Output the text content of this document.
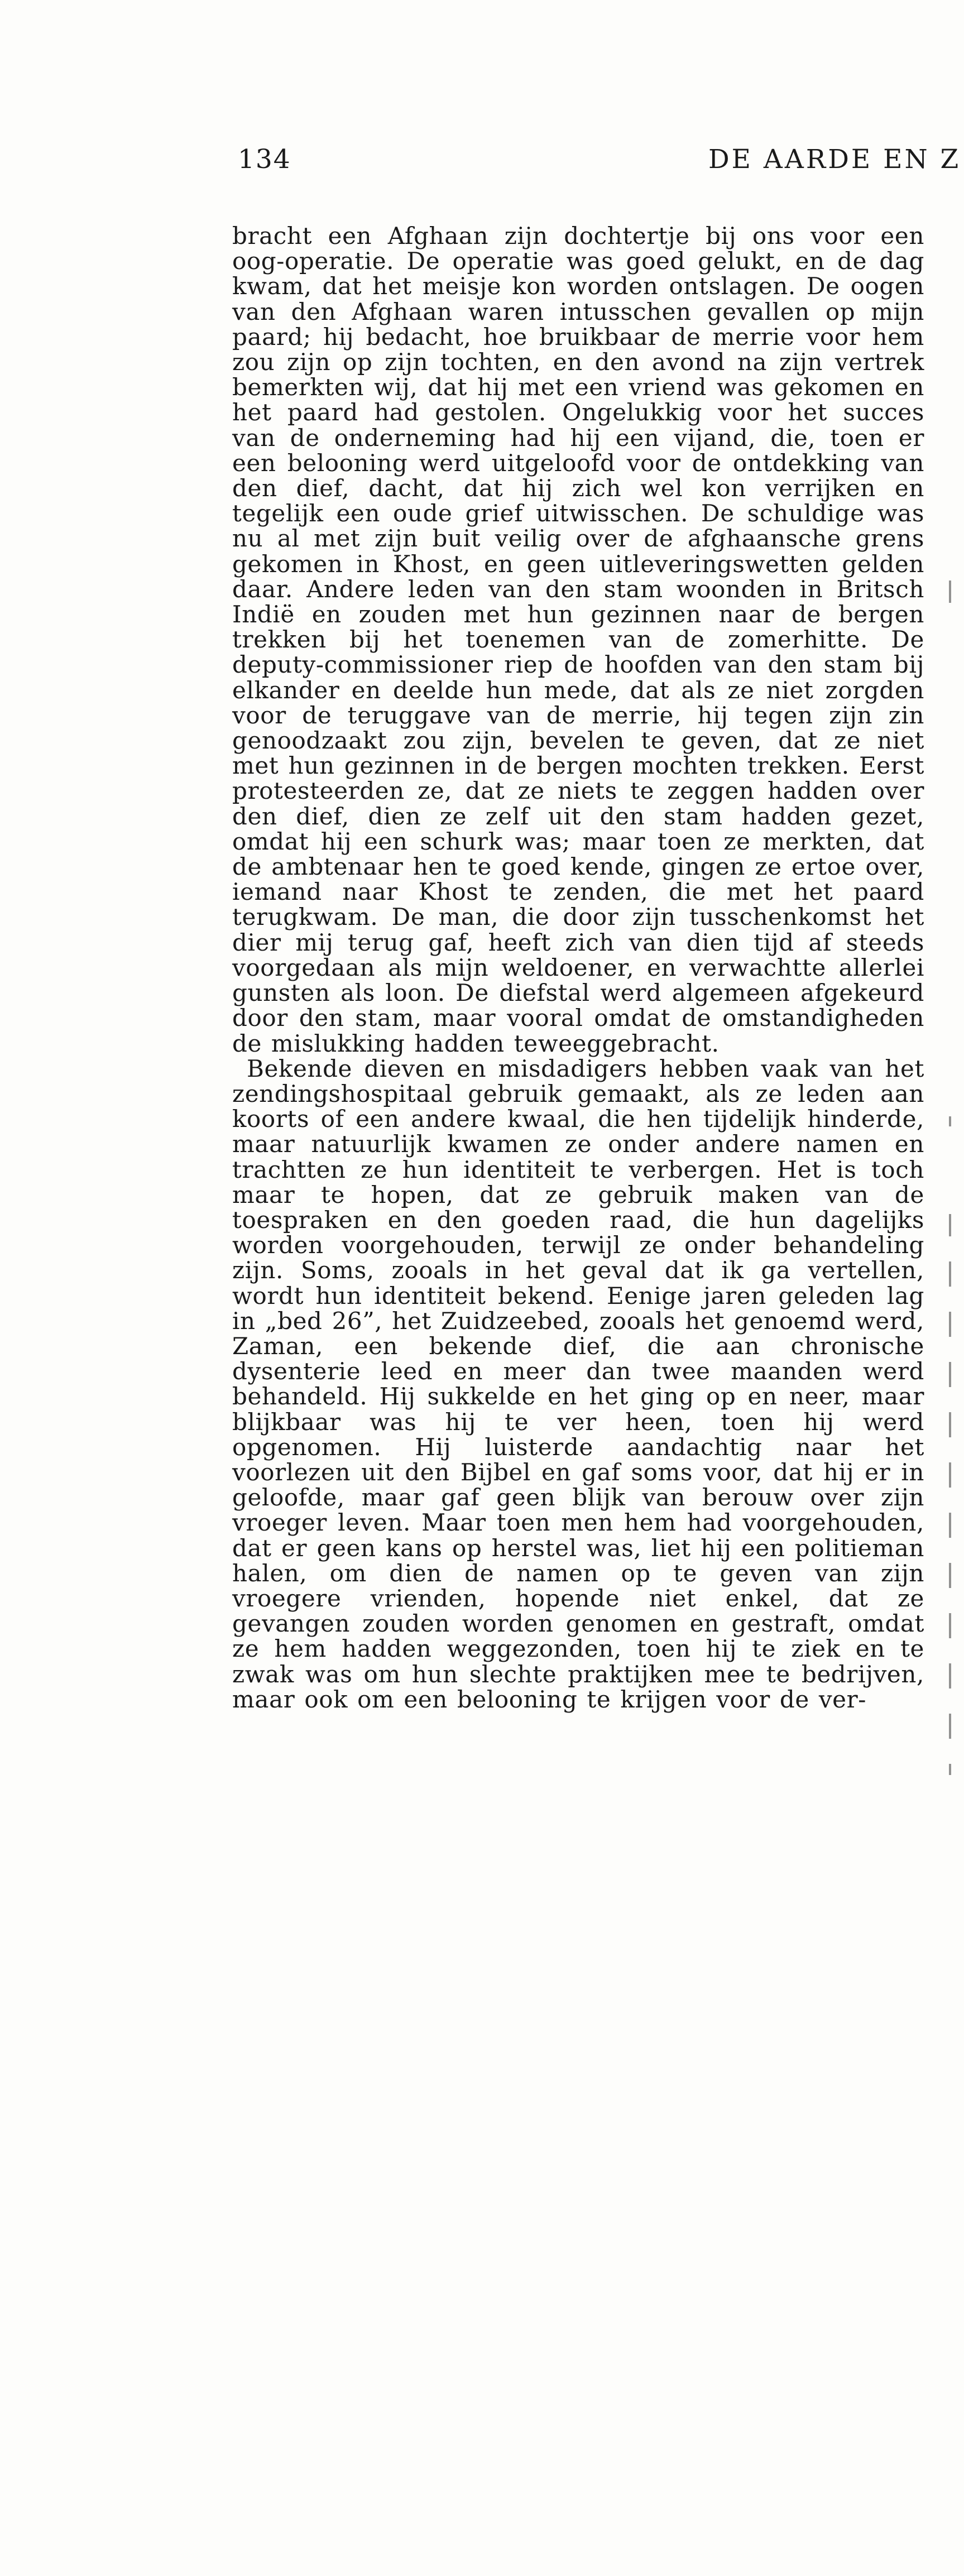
134	DE AARDE EN Z

bracht een Afghaan zijn dochtertje bij ons voor een oog-operatie. De operatie was goed gelukt, en de dag kwam, dat het meisje kon worden ontslagen. De oogen van den Afghaan waren intusschen gevallen op mijn paard; hij bedacht, hoe bruikbaar de merrie voor hem zou zijn op zijn tochten, en den avond na zijn vertrek bemerkten wij, dat hij met een vriend was gekomen en het paard had gestolen. Ongelukkig voor het succes van de onderneming had hij een vijand, die, toen er een belooning werd uitgeloofd voor de ontdekking van den dief, dacht, dat hij zich wel kon verrijken en tegelijk een oude grief uitwisschen. De schuldige was nu al met zijn buit veilig over de afghaansche grens gekomen in Khost, en geen uitleveringswetten gelden daar. Andere leden van den stam woonden in Britsch Indië en zouden met hun gezinnen naar de bergen trekken bij het toenemen van de zomerhitte. De deputy-commissioner riep de hoofden van den stam bij elkander en deelde hun mede, dat als ze niet zorgden voor de teruggave van de merrie, hij tegen zijn zin genoodzaakt zou zijn, bevelen te geven, dat ze niet met hun gezinnen in de bergen mochten trekken. Eerst protesteerden ze, dat ze niets te zeggen hadden over den dief, dien ze zelf uit den stam hadden gezet, omdat hij een schurk was; maar toen ze merkten, dat de ambtenaar hen te goed kende, gingen ze ertoe over, iemand naar Khost te zenden, die met het paard terugkwam. De man, die door zijn tusschenkomst het dier mij terug gaf, heeft zich van dien tijd af steeds voorgedaan als mijn weldoener, en verwachtte allerlei gunsten als loon. De diefstal werd algemeen afgekeurd door den stam, maar vooral omdat de omstandigheden de mislukking hadden teweeggebracht.

Bekende dieven en misdadigers hebben vaak van het zendingshospitaal gebruik gemaakt, als ze leden aan koorts of een andere kwaal, die hen tijdelijk hinderde, maar natuurlijk kwamen ze onder andere namen en trachtten ze hun identiteit te verbergen. Het is toch maar te hopen, dat ze gebruik maken van de toespraken en den goeden raad, die hun dagelijks worden voorgehouden, terwijl ze onder behandeling zijn. Soms, zooals in het geval dat ik ga vertellen, wordt hun identiteit bekend. Eenige jaren geleden lag in „bed 26”, het Zuidzeebed, zooals het genoemd werd, Zaman, een bekende dief, die aan chronische dysenterie leed en meer dan twee maanden werd behandeld. Hij sukkelde en het ging op en neer, maar blijkbaar was hij te ver heen, toen hij werd opgenomen. Hij luisterde aandachtig naar het voorlezen uit den Bijbel en gaf soms voor, dat hij er in geloofde, maar gaf geen blijk van berouw over zijn vroeger leven. Maar toen men hem had voorgehouden, dat er geen kans op herstel was, liet hij een politieman halen, om dien de namen op te geven van zijn vroegere vrienden, hopende niet enkel, dat ze gevangen zouden worden genomen en gestraft, omdat ze hem hadden weggezonden, toen hij te ziek en te zwak was om hun slechte praktijken mee te bedrijven, maar ook om een belooning te krijgen voor de ver-
